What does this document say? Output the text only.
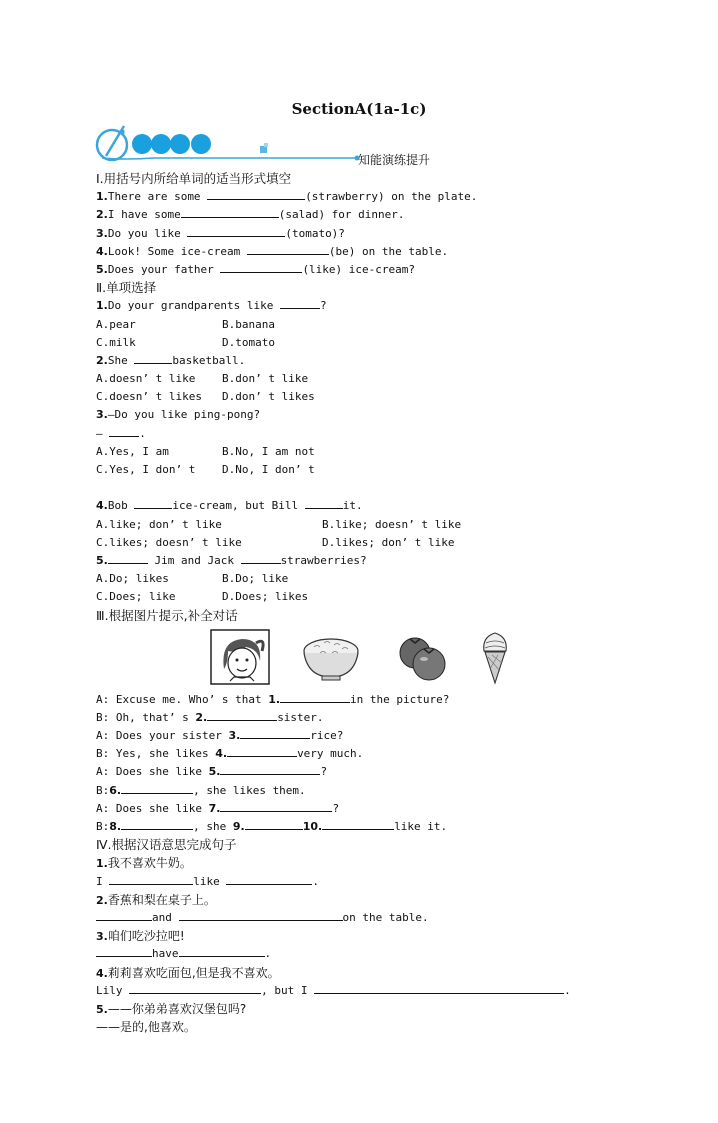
SectionA(1a-1c)
知能演练提升
Ⅰ.用括号内所给单词的适当形式填空
1.There are some	(strawberry) on the plate.
2.I have some	(salad) for dinner.
3.Do you like	(tomato)?
4.Look! Some ice-cream	(be) on the table.
5.Does your father	(like) ice-cream?
Ⅱ.单项选择
1.Do your grandparents like	?
A.pear	B.banana
C.milk	D.tomato
2.She	basketball.
A.doesn’ t like B.don’ t like
C.doesn’ t likes D.don’ t likes
3.—Do you like ping-pong?
—	.
A.Yes, I am	B.No, I am not
C.Yes, I don’ t D.No, I don’ t
4.Bob	ice-cream, but Bill	it.
A.like; don’ t like	B.like; doesn’ t like
C.likes; doesn’ t like	D.likes; don’ t like
5.	Jim and Jack	strawberries?
A.Do; likes	B.Do; like
C.Does; like	D.Does; likes
Ⅲ.根据图片提示,补全对话
A: Excuse me. Who’ s that 1.	in the picture?
B: Oh, that’ s 2.	sister.
A: Does your sister 3.	rice?
B: Yes, she likes 4.	very much.
A: Does she like 5.	?
B:6.	, she likes them.
A: Does she like 7.	?
B:8.	, she 9.	10.	like it.
Ⅳ.根据汉语意思完成句子
1.我不喜欢牛奶。
I	like	.
2.香蕉和梨在桌子上。
and	on the table.
3.咱们吃沙拉吧!
have	.
4.莉莉喜欢吃面包,但是我不喜欢。
Lily	, but I	.
5.——你弟弟喜欢汉堡包吗?
——是的,他喜欢。
